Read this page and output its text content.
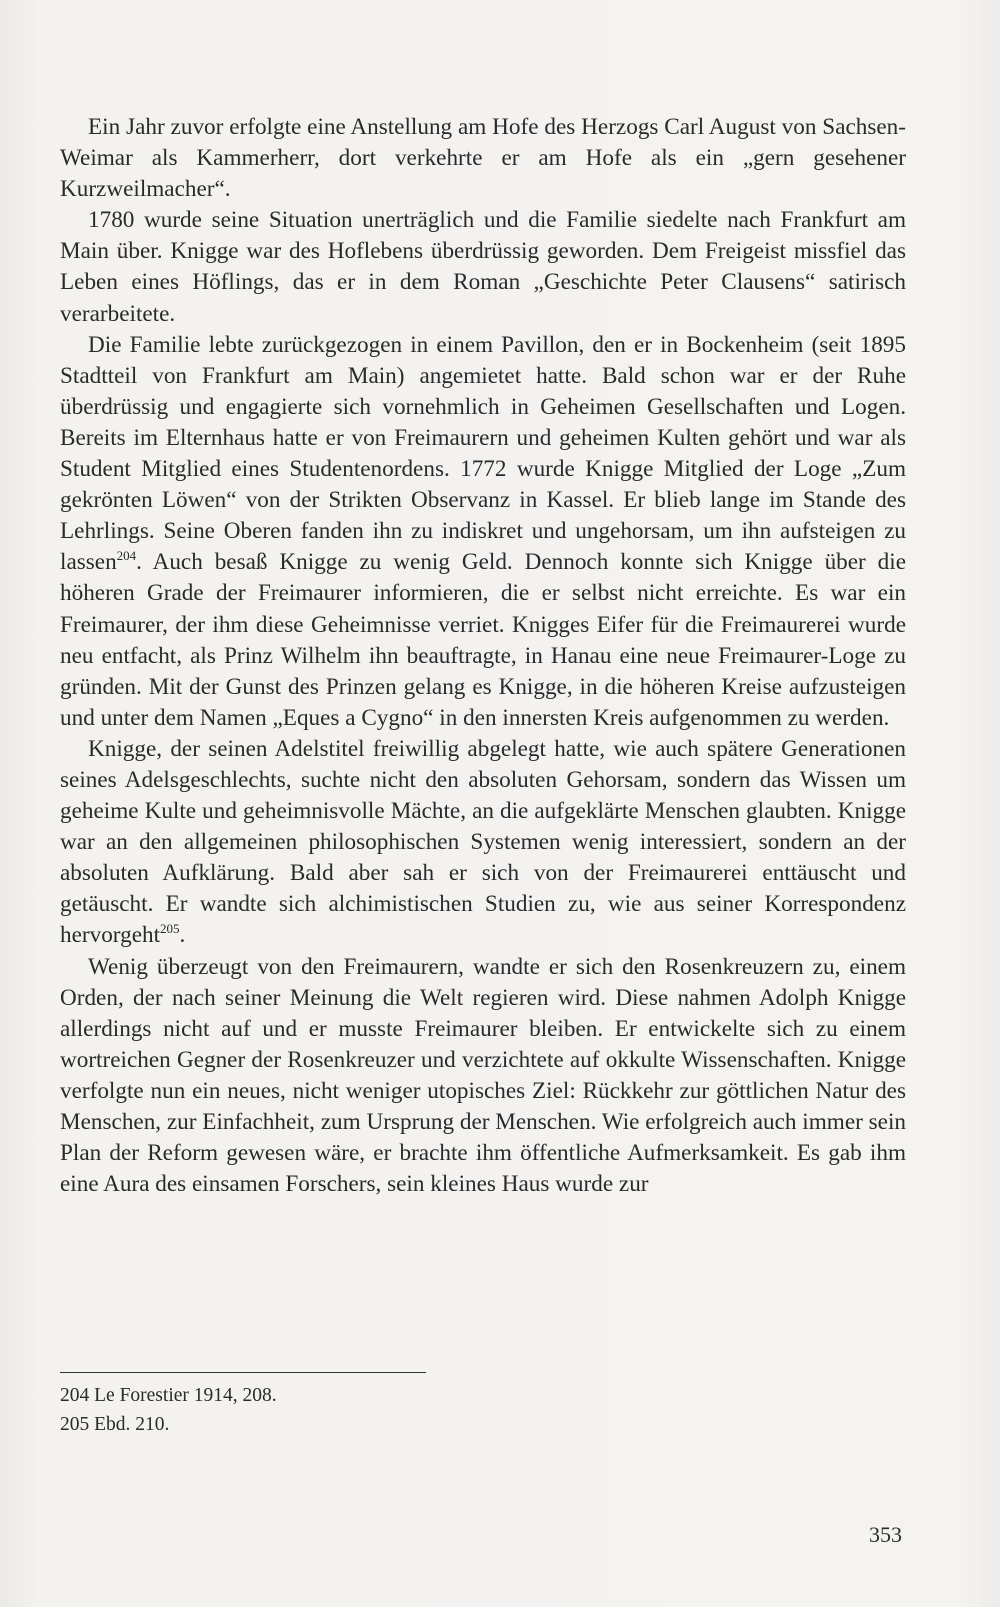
Ein Jahr zuvor erfolgte eine Anstellung am Hofe des Herzogs Carl August von Sachsen-Weimar als Kammerherr, dort verkehrte er am Hofe als ein „gern gesehener Kurzweilmacher“.

1780 wurde seine Situation unerträglich und die Familie siedelte nach Frankfurt am Main über. Knigge war des Hoflebens überdrüssig geworden. Dem Freigeist missfiel das Leben eines Höflings, das er in dem Roman „Geschichte Peter Clausens“ satirisch verarbeitete.

Die Familie lebte zurückgezogen in einem Pavillon, den er in Bockenheim (seit 1895 Stadtteil von Frankfurt am Main) angemietet hatte. Bald schon war er der Ruhe überdrüssig und engagierte sich vornehmlich in Geheimen Gesellschaften und Logen. Bereits im Elternhaus hatte er von Freimaurern und geheimen Kulten gehört und war als Student Mitglied eines Studentenordens. 1772 wurde Knigge Mitglied der Loge „Zum gekrönten Löwen“ von der Strikten Observanz in Kassel. Er blieb lange im Stande des Lehrlings. Seine Oberen fanden ihn zu indiskret und ungehorsam, um ihn aufsteigen zu lassen$^{204}$. Auch besaß Knigge zu wenig Geld. Dennoch konnte sich Knigge über die höheren Grade der Freimaurer informieren, die er selbst nicht erreichte. Es war ein Freimaurer, der ihm diese Geheimnisse verriet. Knigges Eifer für die Freimaurerei wurde neu entfacht, als Prinz Wilhelm ihn beauftragte, in Hanau eine neue Freimaurer-Loge zu gründen. Mit der Gunst des Prinzen gelang es Knigge, in die höheren Kreise aufzusteigen und unter dem Namen „Eques a Cygno“ in den innersten Kreis aufgenommen zu werden.

Knigge, der seinen Adelstitel freiwillig abgelegt hatte, wie auch spätere Generationen seines Adelsgeschlechts, suchte nicht den absoluten Gehorsam, sondern das Wissen um geheime Kulte und geheimnisvolle Mächte, an die aufgeklärte Menschen glaubten. Knigge war an den allgemeinen philosophischen Systemen wenig interessiert, sondern an der absoluten Aufklärung. Bald aber sah er sich von der Freimaurerei enttäuscht und getäuscht. Er wandte sich alchimistischen Studien zu, wie aus seiner Korrespondenz hervorgeht$^{205}$.

Wenig überzeugt von den Freimaurern, wandte er sich den Rosenkreuzern zu, einem Orden, der nach seiner Meinung die Welt regieren wird. Diese nahmen Adolph Knigge allerdings nicht auf und er musste Freimaurer bleiben. Er entwickelte sich zu einem wortreichen Gegner der Rosenkreuzer und verzichtete auf okkulte Wissenschaften. Knigge verfolgte nun ein neues, nicht weniger utopisches Ziel: Rückkehr zur göttlichen Natur des Menschen, zur Einfachheit, zum Ursprung der Menschen. Wie erfolgreich auch immer sein Plan der Reform gewesen wäre, er brachte ihm öffentliche Aufmerksamkeit. Es gab ihm eine Aura des einsamen Forschers, sein kleines Haus wurde zur

204 Le Forestier 1914, 208.
205 Ebd. 210.
353
